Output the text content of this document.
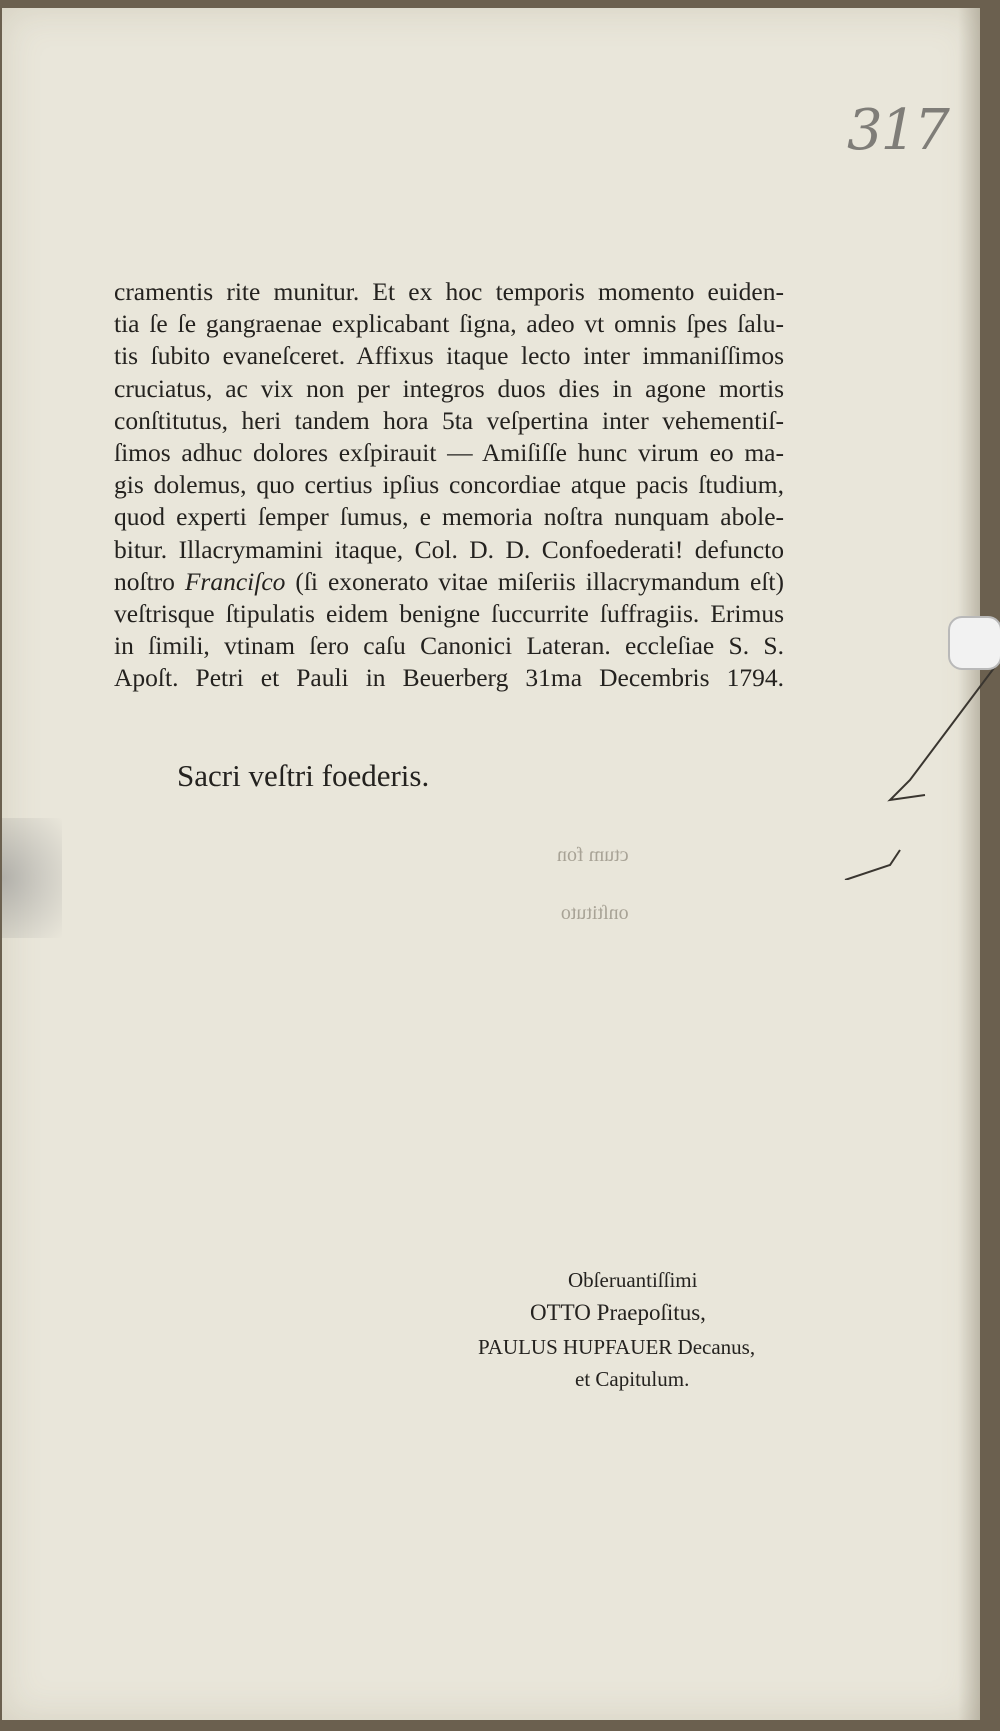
317
cramentis rite munitur. Et ex hoc temporis momento euiden-
tia ſe ſe gangraenae explicabant ſigna, adeo vt omnis ſpes ſalu-
tis ſubito evaneſceret. Affixus itaque lecto inter immaniſſimos
cruciatus, ac vix non per integros duos dies in agone mortis
conſtitutus, heri tandem hora 5ta veſpertina inter vehementiſ-
ſimos adhuc dolores exſpirauit — Amiſiſſe hunc virum eo ma-
gis dolemus, quo certius ipſius concordiae atque pacis ſtudium,
quod experti ſemper ſumus, e memoria noſtra nunquam abole-
bitur. Illacrymamini itaque, Col. D. D. Confoederati! defuncto
noſtro Franciſco (ſi exonerato vitae miſeriis illacrymandum eſt)
veſtrisque ſtipulatis eidem benigne ſuccurrite ſuffragiis. Erimus
in ſimili, vtinam ſero caſu Canonici Lateran. eccleſiae S. S.
Apoſt. Petri et Pauli in Beuerberg 31ma Decembris 1794.
Sacri veſtri foederis.
ctum fon
onſtituto
Obſeruantiſſimi
OTTO Praepoſitus,
PAULUS HUPFAUER Decanus,
et Capitulum.
